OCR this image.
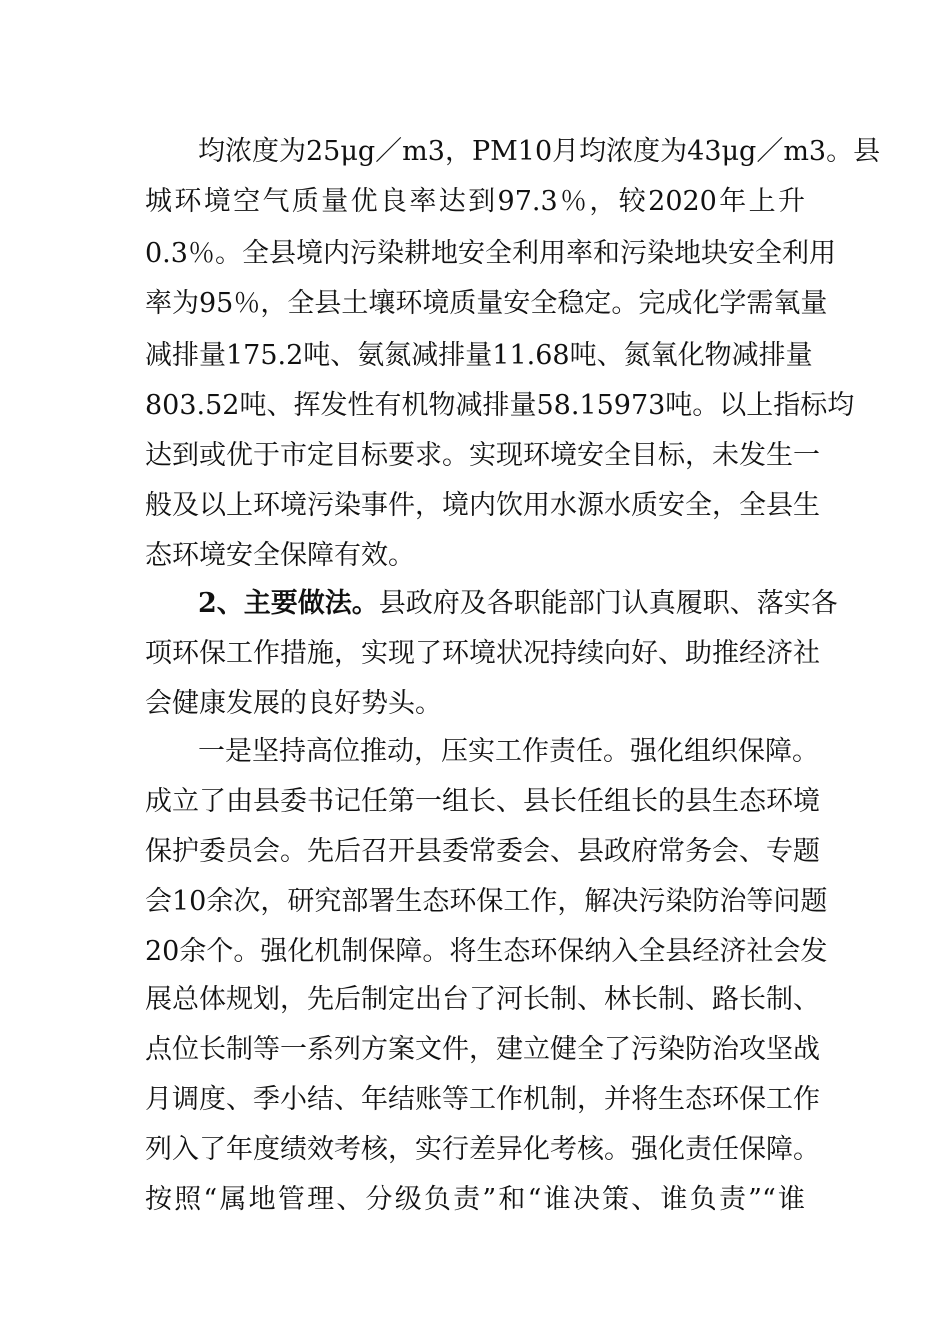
均浓度为25μg／m3，PM10月均浓度为43μg／m3。县
城环境空气质量优良率达到97.3％，较2020年上升
0.3％。全县境内污染耕地安全利用率和污染地块安全利用
率为95％，全县土壤环境质量安全稳定。完成化学需氧量
减排量175.2吨、氨氮减排量11.68吨、氮氧化物减排量
803.52吨、挥发性有机物减排量58.15973吨。以上指标均
达到或优于市定目标要求。实现环境安全目标，未发生一
般及以上环境污染事件，境内饮用水源水质安全，全县生
态环境安全保障有效。
2、主要做法。县政府及各职能部门认真履职、落实各
项环保工作措施，实现了环境状况持续向好、助推经济社
会健康发展的良好势头。
一是坚持高位推动，压实工作责任。强化组织保障。
成立了由县委书记任第一组长、县长任组长的县生态环境
保护委员会。先后召开县委常委会、县政府常务会、专题
会10余次，研究部署生态环保工作，解决污染防治等问题
20余个。强化机制保障。将生态环保纳入全县经济社会发
展总体规划，先后制定出台了河长制、林长制、路长制、
点位长制等一系列方案文件，建立健全了污染防治攻坚战
月调度、季小结、年结账等工作机制，并将生态环保工作
列入了年度绩效考核，实行差异化考核。强化责任保障。
按照“属地管理、分级负责”和“谁决策、谁负责”“谁
